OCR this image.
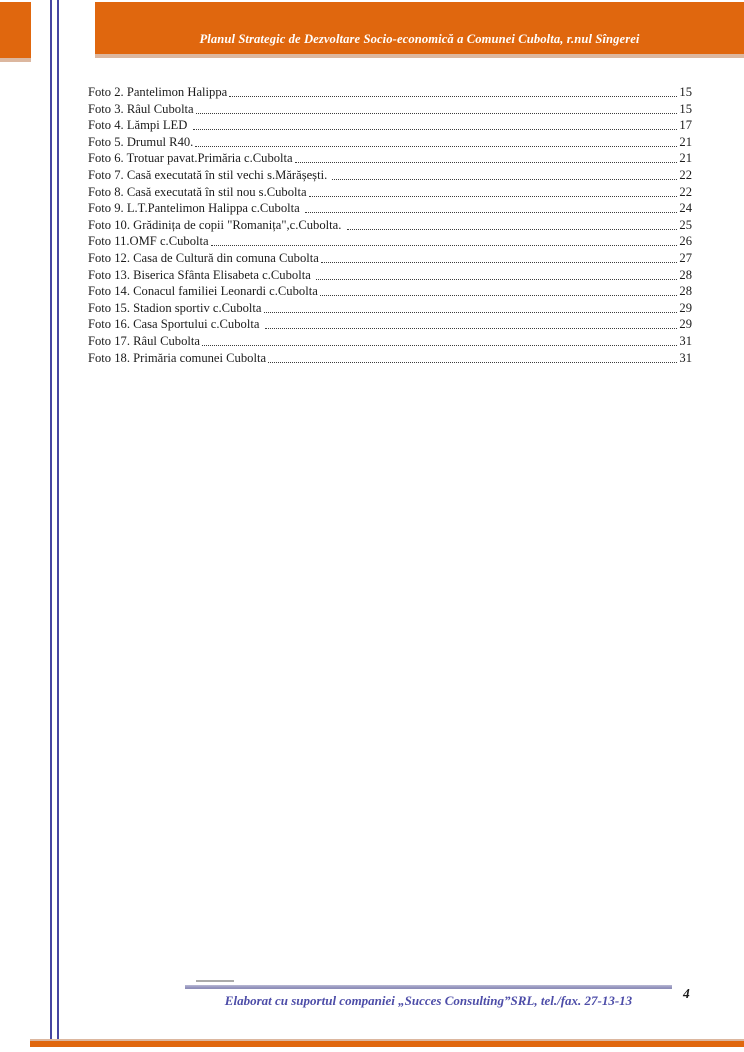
Planul Strategic de Dezvoltare Socio-economică a Comunei Cubolta, r.nul Sîngerei
Foto 2. Pantelimon Halippa	15
Foto 3. Râul Cubolta	15
Foto 4. Lămpi LED	17
Foto 5. Drumul R40.	21
Foto 6. Trotuar pavat.Primăria c.Cubolta	21
Foto 7. Casă executată în stil vechi s.Mărășești.	22
Foto 8. Casă executată în stil nou s.Cubolta	22
Foto 9. L.T.Pantelimon Halippa c.Cubolta	24
Foto 10. Grădinița de copii "Romanița",c.Cubolta.	25
Foto 11.OMF c.Cubolta	26
Foto 12. Casa de Cultură din comuna Cubolta	27
Foto 13. Biserica Sfânta Elisabeta c.Cubolta	28
Foto 14. Conacul familiei Leonardi c.Cubolta	28
Foto 15. Stadion sportiv c.Cubolta	29
Foto 16. Casa Sportului c.Cubolta	29
Foto 17. Râul Cubolta	31
Foto 18. Primăria comunei Cubolta	31
Elaborat cu suportul companiei „Succes Consulting”SRL, tel./fax. 27-13-13	4
